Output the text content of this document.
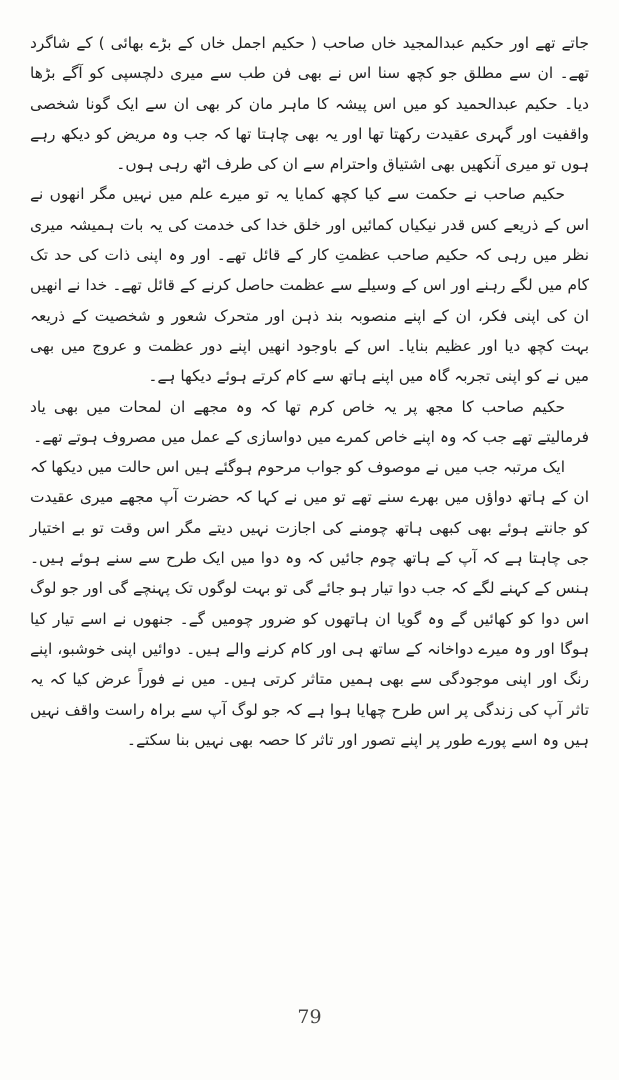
جاتے تھے اور حکیم عبدالمجید خاں صاحب ( حکیم اجمل خاں کے بڑے بھائی ) کے شاگرد تھے۔ ان سے مطلق جو کچھ سنا اس نے بھی فن طب سے میری دلچسپی کو آگے بڑھا دیا۔ حکیم عبدالحمید کو میں اس پیشہ کا ماہر مان کر بھی ان سے ایک گونا شخصی واقفیت اور گہری عقیدت رکھتا تھا اور یہ بھی چاہتا تھا کہ جب وہ مریض کو دیکھ رہے ہوں تو میری آنکھیں بھی اشتیاق واحترام سے ان کی طرف اٹھ رہی ہوں۔

حکیم صاحب نے حکمت سے کیا کچھ کمایا یہ تو میرے علم میں نہیں مگر انھوں نے اس کے ذریعے کس قدر نیکیاں کمائیں اور خلق خدا کی خدمت کی یہ بات ہمیشہ میری نظر میں رہی کہ حکیم صاحب عظمتِ کار کے قائل تھے۔ اور وہ اپنی ذات کی حد تک کام میں لگے رہنے اور اس کے وسیلے سے عظمت حاصل کرنے کے قائل تھے۔ خدا نے انھیں ان کی اپنی فکر، ان کے اپنے منصوبہ بند ذہن اور متحرک شعور و شخصیت کے ذریعہ بہت کچھ دیا اور عظیم بنایا۔ اس کے باوجود انھیں اپنے دور عظمت و عروج میں بھی میں نے کو اپنی تجربہ گاہ میں اپنے ہاتھ سے کام کرتے ہوئے دیکھا ہے۔

حکیم صاحب کا مجھ پر یہ خاص کرم تھا کہ وہ مجھے ان لمحات میں بھی یاد فرمالیتے تھے جب کہ وہ اپنے خاص کمرے میں دواسازی کے عمل میں مصروف ہوتے تھے۔

ایک مرتبہ جب میں نے موصوف کو جواب مرحوم ہوگئے ہیں اس حالت میں دیکھا کہ ان کے ہاتھ دواؤں میں بھرے سنے تھے تو میں نے کہا کہ حضرت آپ مجھے میری عقیدت کو جانتے ہوئے بھی کبھی ہاتھ چومنے کی اجازت نہیں دیتے مگر اس وقت تو بے اختیار جی چاہتا ہے کہ آپ کے ہاتھ چوم جائیں کہ وہ دوا میں ایک طرح سے سنے ہوئے ہیں۔ ہنس کے کہنے لگے کہ جب دوا تیار ہو جائے گی تو بہت لوگوں تک پہنچے گی اور جو لوگ اس دوا کو کھائیں گے وہ گویا ان ہاتھوں کو ضرور چومیں گے۔ جنھوں نے اسے تیار کیا ہوگا اور وہ میرے دواخانہ کے ساتھ ہی اور کام کرنے والے ہیں۔ دوائیں اپنی خوشبو، اپنے رنگ اور اپنی موجودگی سے بھی ہمیں متاثر کرتی ہیں۔ میں نے فوراً عرض کیا کہ یہ تاثر آپ کی زندگی پر اس طرح چھایا ہوا ہے کہ جو لوگ آپ سے براہ راست واقف نہیں ہیں وہ اسے پورے طور پر اپنے تصور اور تاثر کا حصہ بھی نہیں بنا سکتے۔

79
